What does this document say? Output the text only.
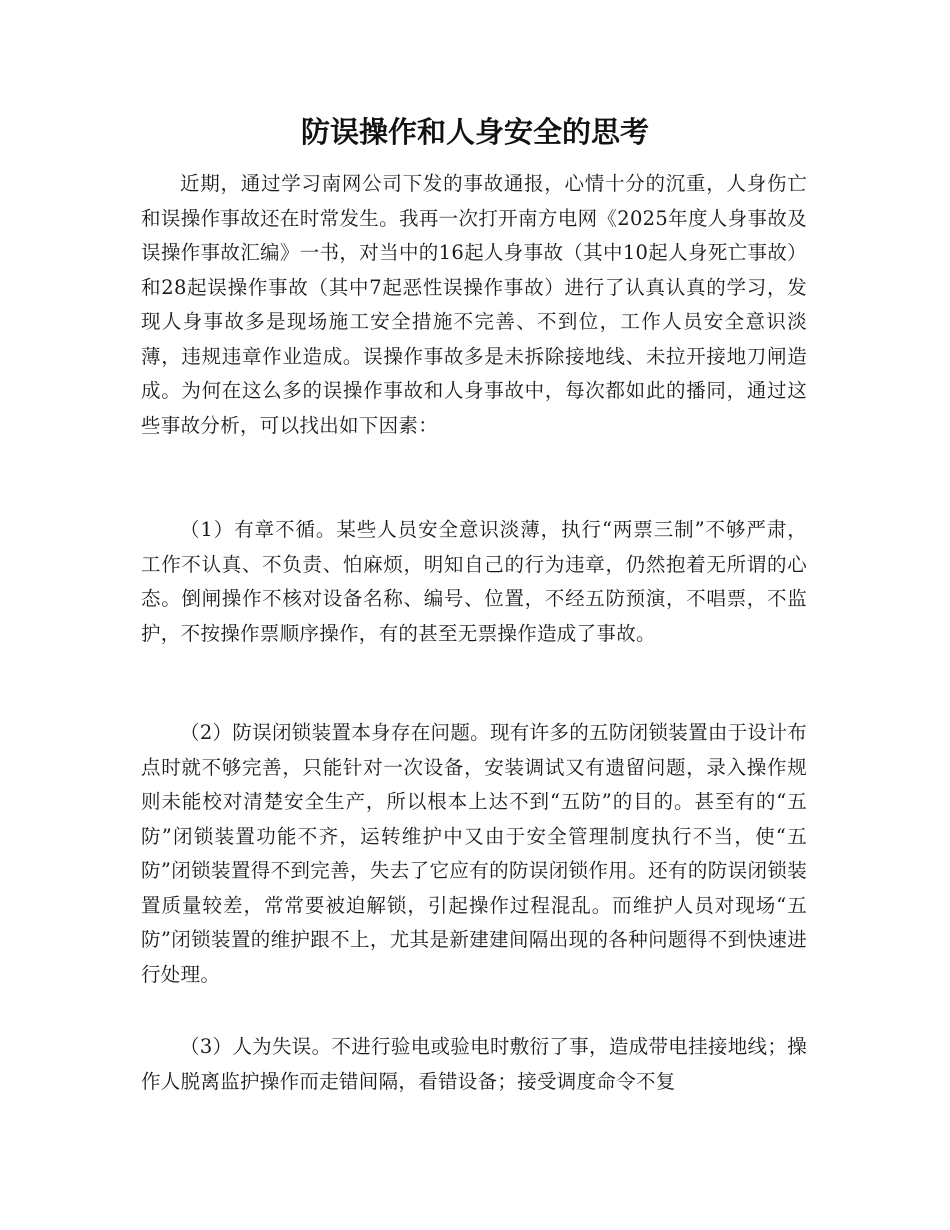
防误操作和人身安全的思考

近期，通过学习南网公司下发的事故通报，心情十分的沉重，人身伤亡和误操作事故还在时常发生。我再一次打开南方电网《2025年度人身事故及误操作事故汇编》一书，对当中的16起人身事故（其中10起人身死亡事故）和28起误操作事故（其中7起恶性误操作事故）进行了认真认真的学习，发现人身事故多是现场施工安全措施不完善、不到位，工作人员安全意识淡薄，违规违章作业造成。误操作事故多是未拆除接地线、未拉开接地刀闸造成。为何在这么多的误操作事故和人身事故中，每次都如此的播同，通过这些事故分析，可以找出如下因素：

（1）有章不循。某些人员安全意识淡薄，执行“两票三制”不够严肃，工作不认真、不负责、怕麻烦，明知自己的行为违章，仍然抱着无所谓的心态。倒闸操作不核对设备名称、编号、位置，不经五防预演，不唱票，不监护，不按操作票顺序操作，有的甚至无票操作造成了事故。

（2）防误闭锁装置本身存在问题。现有许多的五防闭锁装置由于设计布点时就不够完善，只能针对一次设备，安装调试又有遗留问题，录入操作规则未能校对清楚安全生产，所以根本上达不到“五防”的目的。甚至有的“五防”闭锁装置功能不齐，运转维护中又由于安全管理制度执行不当，使“五防”闭锁装置得不到完善，失去了它应有的防误闭锁作用。还有的防误闭锁装置质量较差，常常要被迫解锁，引起操作过程混乱。而维护人员对现场“五防”闭锁装置的维护跟不上，尤其是新建建间隔出现的各种问题得不到快速进行处理。

（3）人为失误。不进行验电或验电时敷衍了事，造成带电挂接地线；操作人脱离监护操作而走错间隔，看错设备；接受调度命令不复
